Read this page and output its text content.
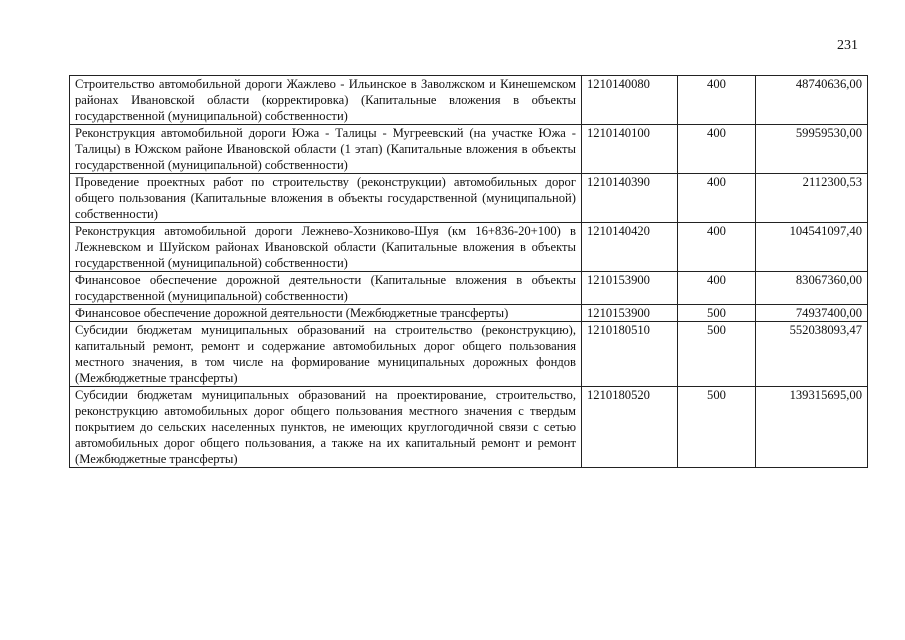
231
Строительство автомобильной дороги Жажлево - Ильинское в Заволжском и Кинешемском районах Ивановской области (корректировка) (Капитальные вложения в объекты государственной (муниципальной) собственности)	1210140080	400	48740636,00
Реконструкция автомобильной дороги Южа - Талицы - Мугреевский (на участке Южа - Талицы) в Южском районе Ивановской области (1 этап) (Капитальные вложения в объекты государственной (муниципальной) собственности)	1210140100	400	59959530,00
Проведение проектных работ по строительству (реконструкции) автомобильных дорог общего пользования (Капитальные вложения в объекты государственной (муниципальной) собственности)	1210140390	400	2112300,53
Реконструкция автомобильной дороги Лежнево-Хозниково-Шуя (км 16+836-20+100) в Лежневском и Шуйском районах Ивановской области (Капитальные вложения в объекты государственной (муниципальной) собственности)	1210140420	400	104541097,40
Финансовое обеспечение дорожной деятельности (Капитальные вложения в объекты государственной (муниципальной) собственности)	1210153900	400	83067360,00
Финансовое обеспечение дорожной деятельности (Межбюджетные трансферты)	1210153900	500	74937400,00
Субсидии бюджетам муниципальных образований на строительство (реконструкцию), капитальный ремонт, ремонт и содержание автомобильных дорог общего пользования местного значения, в том числе на формирование муниципальных дорожных фондов (Межбюджетные трансферты)	1210180510	500	552038093,47
Субсидии бюджетам муниципальных образований на проектирование, строительство, реконструкцию автомобильных дорог общего пользования местного значения с твердым покрытием до сельских населенных пунктов, не имеющих круглогодичной связи с сетью автомобильных дорог общего пользования, а также на их капитальный ремонт и ремонт (Межбюджетные трансферты)	1210180520	500	139315695,00
